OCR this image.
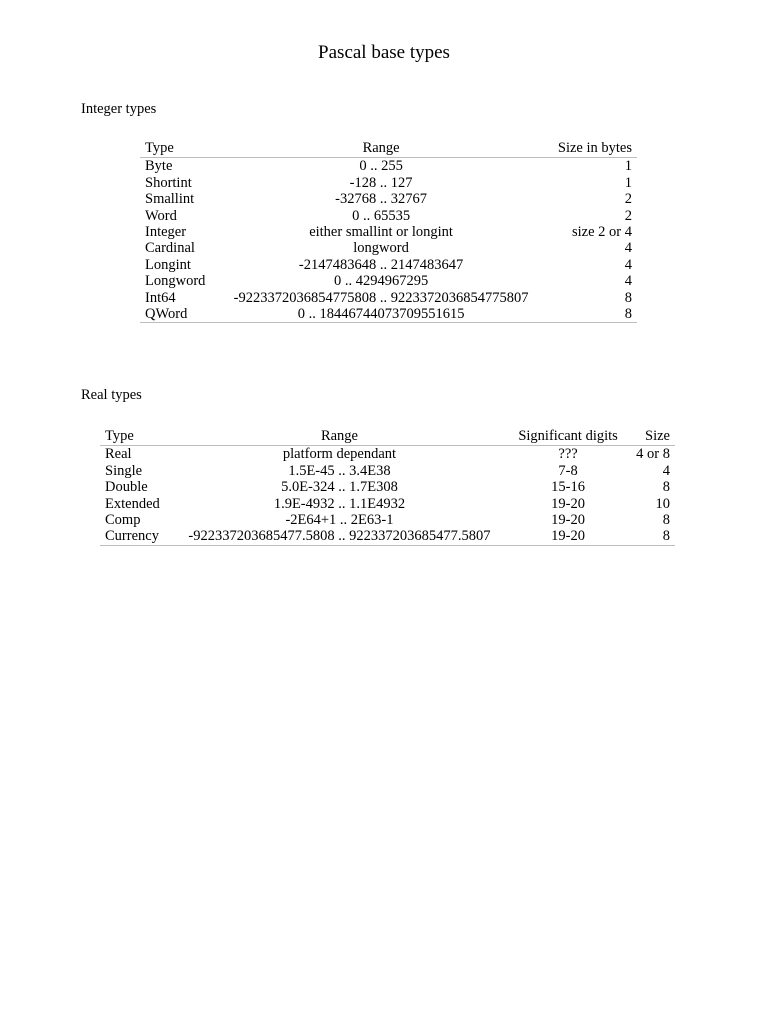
Pascal base types
Integer types
Type	Range	Size in bytes
Byte	0 .. 255	1
Shortint	-128 .. 127	1
Smallint	-32768 .. 32767	2
Word	0 .. 65535	2
Integer	either smallint or longint	size 2 or 4
Cardinal	longword	4
Longint	-2147483648 .. 2147483647	4
Longword	0 .. 4294967295	4
Int64	-9223372036854775808 .. 9223372036854775807	8
QWord	0 .. 18446744073709551615	8
Real types
Type	Range	Significant digits	Size
Real	platform dependant	???	4 or 8
Single	1.5E-45 .. 3.4E38	7-8	4
Double	5.0E-324 .. 1.7E308	15-16	8
Extended	1.9E-4932 .. 1.1E4932	19-20	10
Comp	-2E64+1 .. 2E63-1	19-20	8
Currency	-922337203685477.5808 .. 922337203685477.5807	19-20	8
